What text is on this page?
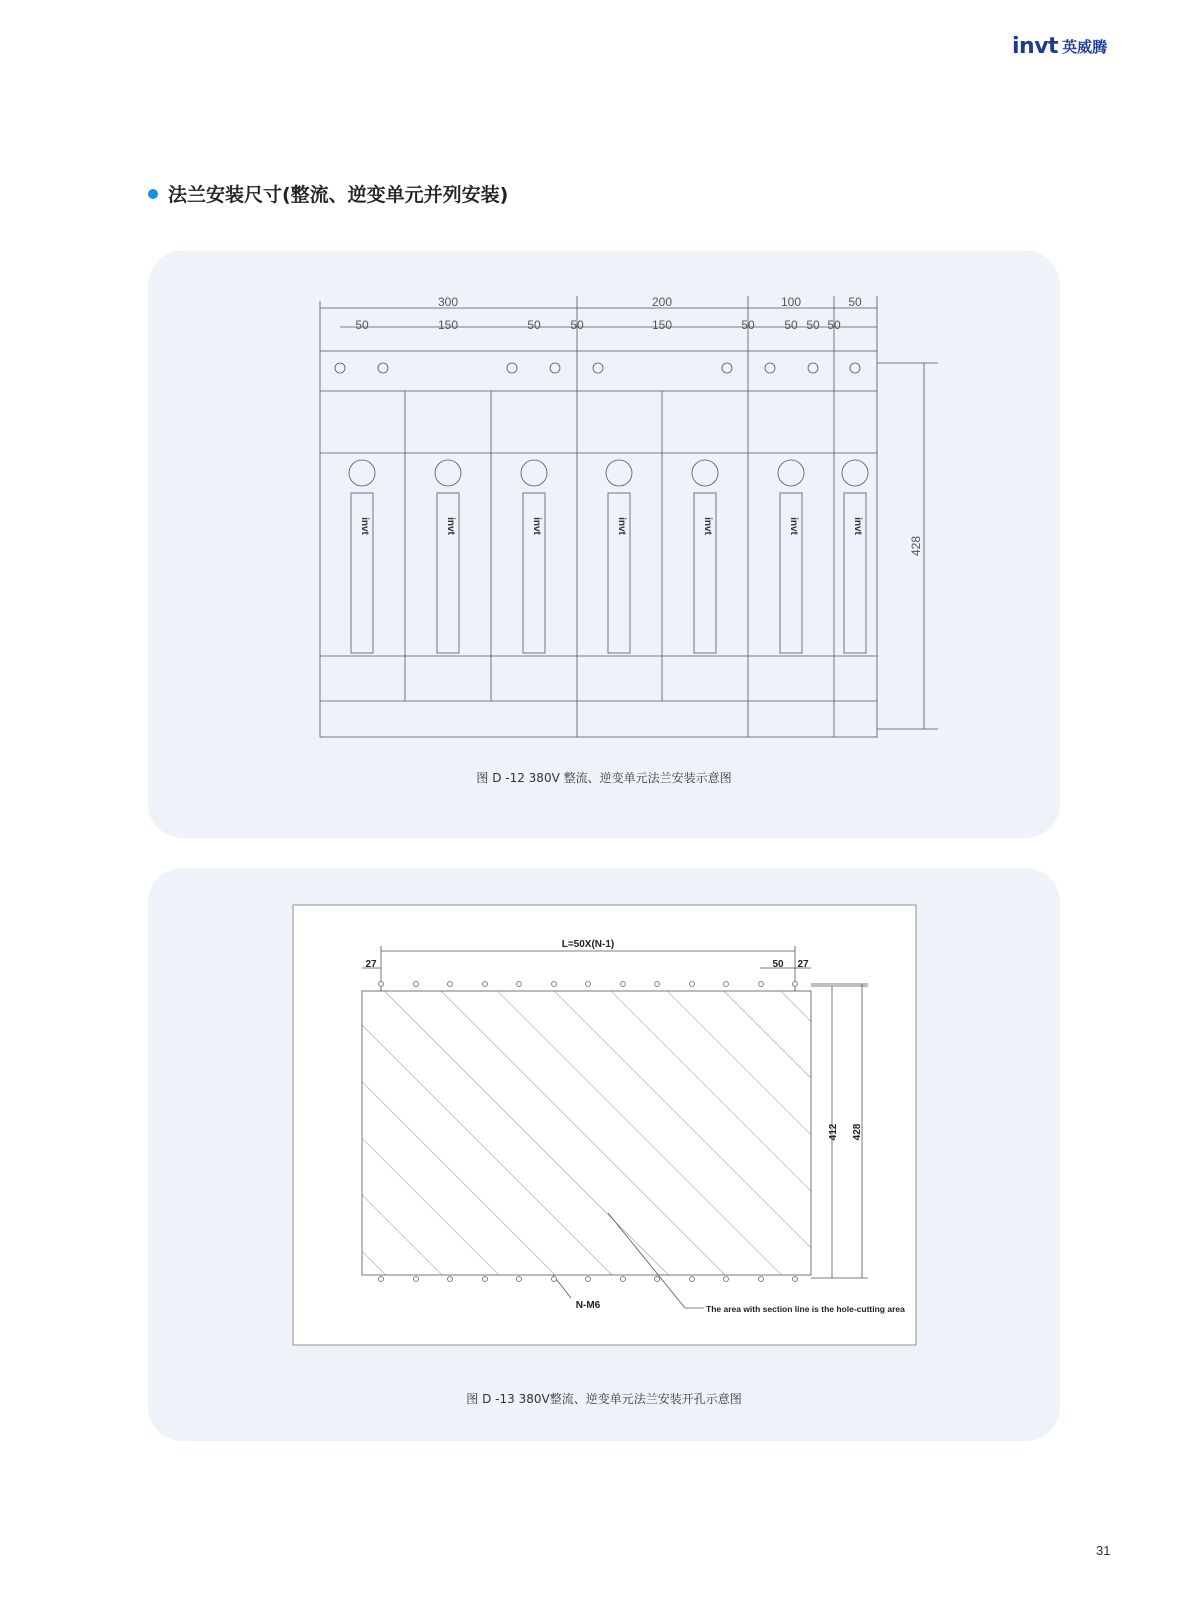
invt 英威腾
法兰安装尺寸(整流、逆变单元并列安装)
300	200	100	50
50	150	50 50	150	50 50 50 50
428
invt	invt	invt	invt	invt	invt	invt
图 D -12 380V 整流、逆变单元法兰安装示意图
L=50X(N-1)
27	50 27
412 428
N-M6	The area with section line is the hole-cutting area
图 D -13 380V整流、逆变单元法兰安装开孔示意图
31
